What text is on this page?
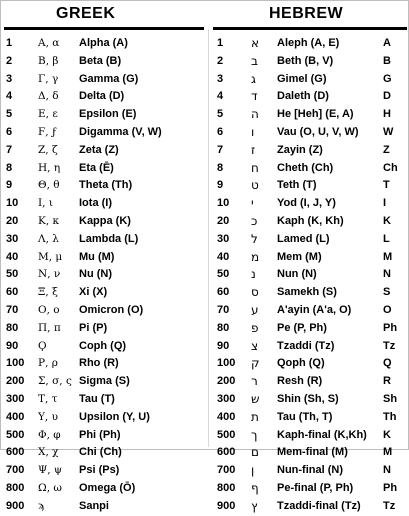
GREEK	HEBREW
1 Α, α Alpha (A)
2 Β, β Beta (B)
3 Γ, γ Gamma (G)
4 Δ, δ Delta (D)
5 Ε, ε Epsilon (E)
6 Ϝ, ϝ Digamma (V, W)
7 Ζ, ζ Zeta (Z)
8 Η, η Eta (Ē)
9 Θ, θ Theta (Th)
10 Ι, ι Iota (I)
20 Κ, κ Kappa (K)
30 Λ, λ Lambda (L)
40 Μ, μ Mu (M)
50 Ν, ν Nu (N)
60 Ξ, ξ Xi (X)
70 Ο, ο Omicron (O)
80 Π, π Pi (P)
90 Ϙ	Coph (Q)
100 Ρ, ρ Rho (R)
200 Σ, σ, ς Sigma (S)
300 Τ, τ Tau (T)
400 Υ, υ Upsilon (Y, U)
500 Φ, φ Phi (Ph)
600 Χ, χ Chi (Ch)
700 Ψ, ψ Psi (Ps)
800 Ω, ω Omega (Ō)
900 ϡ	Sanpi
1 א Aleph (A, E)	A
2 ב Beth (B, V)	B
3 ג Gimel (G)	G
4 ד Daleth (D)	D
5 ה He [Heh] (E, A)	H
6 ו Vau (O, U, V, W) W
7 ז Zayin (Z)	Z
8 ח Cheth (Ch)	Ch
9 ט Teth (T)	T
10 י Yod (I, J, Y)	I
20 כ Kaph (K, Kh)	K
30 ל Lamed (L)	L
40 מ Mem (M)	M
50 נ Nun (N)	N
60 ס Samekh (S)	S
70 ע A'ayin (A'a, O)	O
80 פ Pe (P, Ph)	Ph
90 צ Tzaddi (Tz)	Tz
100 ק Qoph (Q)	Q
200 ר Resh (R)	R
300 ש Shin (Sh, S)	Sh
400 ת Tau (Th, T)	Th
500 ך Kaph-final (K,Kh) K
600 ם Mem-final (M)	M
700 ן Nun-final (N)	N
800 ף Pe-final (P, Ph)	Ph
900 ץ Tzaddi-final (Tz) Tz
